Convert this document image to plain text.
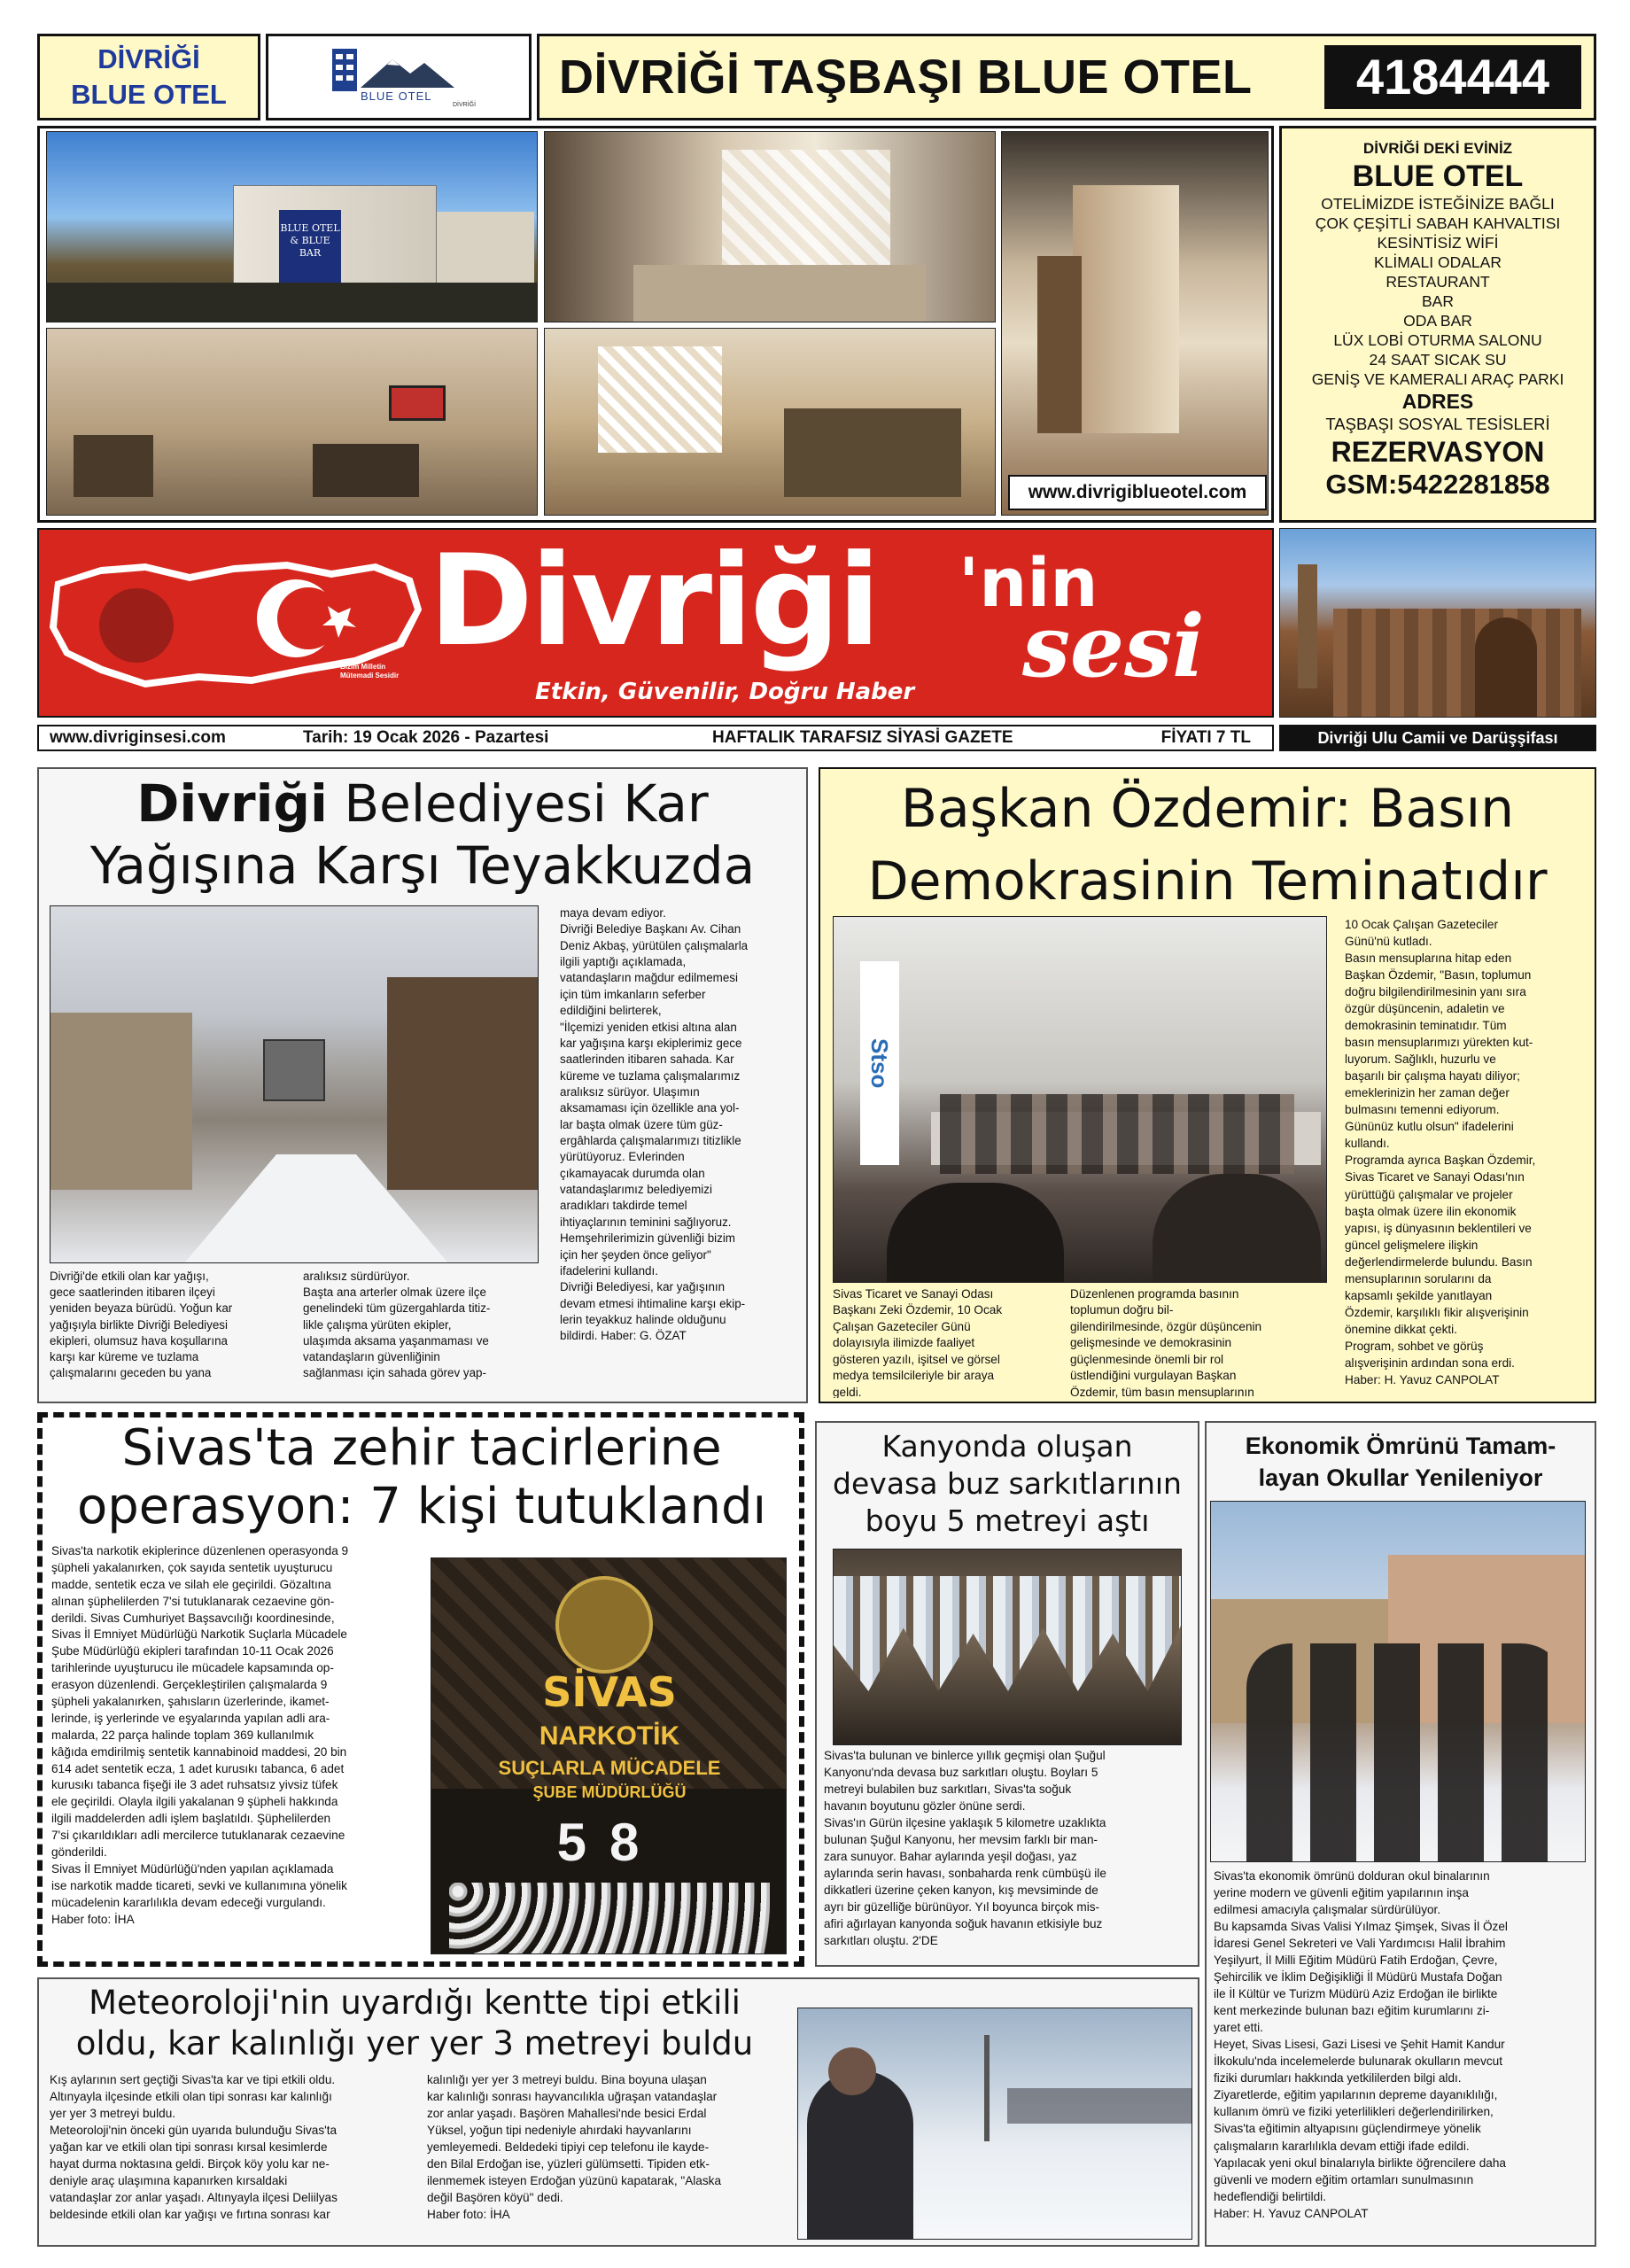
DİVRİĞİ
BLUE OTEL	BLUE OTEL
DİVRİĞİ
DİVRİĞİ TAŞBAŞI BLUE OTEL	4184444
BLUE OTEL & BLUE BAR
www.divrigiblueotel.com
DİVRİĞİ DEKİ EVİNİZ
BLUE OTEL
OTELİMİZDE İSTEĞİNİZE BAĞLI
ÇOK ÇEŞİTLİ SABAH KAHVALTISI
KESİNTİSİZ WİFİ
KLİMALI ODALAR
RESTAURANT
BAR
ODA BAR
LÜX LOBİ OTURMA SALONU
24 SAAT SICAK SU
GENİŞ VE KAMERALI ARAÇ PARKI
ADRES
TAŞBAŞI SOSYAL TESİSLERİ
REZERVASYON
GSM:5422281858
Bizim Milletin Mütemadi Sesidir
Divriği 'nin
sesi
Etkin, Güvenilir, Doğru Haber
www.divriginsesi.com	Tarih: 19 Ocak 2026 - Pazartesi	HAFTALIK TARAFSIZ SİYASİ GAZETE	FİYATI 7 TL	Divriği Ulu Camii ve Darüşşifası
Divriği Belediyesi Kar
Yağışına Karşı Teyakkuzda
Divriği'de etkili olan kar yağışı,
gece saatlerinden itibaren ilçeyi
yeniden beyaza bürüdü. Yoğun kar
yağışıyla birlikte Divriği Belediyesi
ekipleri, olumsuz hava koşullarına
karşı kar küreme ve tuzlama
çalışmalarını geceden bu yana
aralıksız sürdürüyor.
Başta ana arterler olmak üzere ilçe
genelindeki tüm güzergahlarda titiz-
likle çalışma yürüten ekipler,
ulaşımda aksama yaşanmaması ve
vatandaşların güvenliğinin
sağlanması için sahada görev yap-
maya devam ediyor.
Divriği Belediye Başkanı Av. Cihan
Deniz Akbaş, yürütülen çalışmalarla
ilgili yaptığı açıklamada,
vatandaşların mağdur edilmemesi
için tüm imkanların seferber
edildiğini belirterek,
"İlçemizi yeniden etkisi altına alan
kar yağışına karşı ekiplerimiz gece
saatlerinden itibaren sahada. Kar
küreme ve tuzlama çalışmalarımız
aralıksız sürüyor. Ulaşımın
aksamaması için özellikle ana yol-
lar başta olmak üzere tüm güz-
ergâhlarda çalışmalarımızı titizlikle
yürütüyoruz. Evlerinden
çıkamayacak durumda olan
vatandaşlarımız belediyemizi
aradıkları takdirde temel
ihtiyaçlarının teminini sağlıyoruz.
Hemşehrilerimizin güvenliği bizim
için her şeyden önce geliyor"
ifadelerini kullandı.
Divriği Belediyesi, kar yağışının
devam etmesi ihtimaline karşı ekip-
lerin teyakkuz halinde olduğunu
bildirdi. Haber: G. ÖZAT
Başkan Özdemir: Basın
Demokrasinin Teminatıdır
Stso
Sivas Ticaret ve Sanayi Odası
Başkanı Zeki Özdemir, 10 Ocak
Çalışan Gazeteciler Günü
dolayısıyla ilimizde faaliyet
gösteren yazılı, işitsel ve görsel
medya temsilcileriyle bir araya
geldi.
Düzenlenen programda basının
toplumun doğru bil-
gilendirilmesinde, özgür düşüncenin
gelişmesinde ve demokrasinin
güçlenmesinde önemli bir rol
üstlendiğini vurgulayan Başkan
Özdemir, tüm basın mensuplarının
10 Ocak Çalışan Gazeteciler
Günü'nü kutladı.
Basın mensuplarına hitap eden
Başkan Özdemir, "Basın, toplumun
doğru bilgilendirilmesinin yanı sıra
özgür düşüncenin, adaletin ve
demokrasinin teminatıdır. Tüm
basın mensuplarımızı yürekten kut-
luyorum. Sağlıklı, huzurlu ve
başarılı bir çalışma hayatı diliyor;
emeklerinizin her zaman değer
bulmasını temenni ediyorum.
Gününüz kutlu olsun" ifadelerini
kullandı.
Programda ayrıca Başkan Özdemir,
Sivas Ticaret ve Sanayi Odası'nın
yürüttüğü çalışmalar ve projeler
başta olmak üzere ilin ekonomik
yapısı, iş dünyasının beklentileri ve
güncel gelişmelere ilişkin
değerlendirmelerde bulundu. Basın
mensuplarının sorularını da
kapsamlı şekilde yanıtlayan
Özdemir, karşılıklı fikir alışverişinin
önemine dikkat çekti.
Program, sohbet ve görüş
alışverişinin ardından sona erdi.
Haber: H. Yavuz CANPOLAT
Sivas'ta zehir tacirlerine
operasyon: 7 kişi tutuklandı
Sivas'ta narkotik ekiplerince düzenlenen operasyonda 9
şüpheli yakalanırken, çok sayıda sentetik uyuşturucu
madde, sentetik ecza ve silah ele geçirildi. Gözaltına
alınan şüphelilerden 7'si tutuklanarak cezaevine gön-
derildi. Sivas Cumhuriyet Başsavcılığı koordinesinde,
Sivas İl Emniyet Müdürlüğü Narkotik Suçlarla Mücadele
Şube Müdürlüğü ekipleri tarafından 10-11 Ocak 2026
tarihlerinde uyuşturucu ile mücadele kapsamında op-
erasyon düzenlendi. Gerçekleştirilen çalışmalarda 9
şüpheli yakalanırken, şahısların üzerlerinde, ikamet-
lerinde, iş yerlerinde ve eşyalarında yapılan adli ara-
malarda, 22 parça halinde toplam 369 kullanılmık
kâğıda emdirilmiş sentetik kannabinoid maddesi, 20 bin
614 adet sentetik ecza, 1 adet kurusıkı tabanca, 6 adet
kurusıkı tabanca fişeği ile 3 adet ruhsatsız yivsiz tüfek
ele geçirildi. Olayla ilgili yakalanan 9 şüpheli hakkında
ilgili maddelerden adli işlem başlatıldı. Şüphelilerden
7'si çıkarıldıkları adli mercilerce tutuklanarak cezaevine
gönderildi.
Sivas İl Emniyet Müdürlüğü'nden yapılan açıklamada
ise narkotik madde ticareti, sevki ve kullanımına yönelik
mücadelenin kararlılıkla devam edeceği vurgulandı.
Haber foto: İHA
SİVAS
NARKOTİK
SUÇLARLA MÜCADELE
ŞUBE MÜDÜRLÜĞÜ
58
Kanyonda oluşan
devasa buz sarkıtlarının
boyu 5 metreyi aştı
Sivas'ta bulunan ve binlerce yıllık geçmişi olan Şuğul
Kanyonu'nda devasa buz sarkıtları oluştu. Boyları 5
metreyi bulabilen buz sarkıtları, Sivas'ta soğuk
havanın boyutunu gözler önüne serdi.
Sivas'ın Gürün ilçesine yaklaşık 5 kilometre uzaklıkta
bulunan Şuğul Kanyonu, her mevsim farklı bir man-
zara sunuyor. Bahar aylarında yeşil doğası, yaz
aylarında serin havası, sonbaharda renk cümbüşü ile
dikkatleri üzerine çeken kanyon, kış mevsiminde de
ayrı bir güzelliğe bürünüyor. Yıl boyunca birçok mis-
afiri ağırlayan kanyonda soğuk havanın etkisiyle buz
sarkıtları oluştu. 2'DE
Ekonomik Ömrünü Tamam-
layan Okullar Yenileniyor
Sivas'ta ekonomik ömrünü dolduran okul binalarının
yerine modern ve güvenli eğitim yapılarının inşa
edilmesi amacıyla çalışmalar sürdürülüyor.
Bu kapsamda Sivas Valisi Yılmaz Şimşek, Sivas İl Özel
İdaresi Genel Sekreteri ve Vali Yardımcısı Halil İbrahim
Yeşilyurt, İl Milli Eğitim Müdürü Fatih Erdoğan, Çevre,
Şehircilik ve İklim Değişikliği İl Müdürü Mustafa Doğan
ile İl Kültür ve Turizm Müdürü Aziz Erdoğan ile birlikte
kent merkezinde bulunan bazı eğitim kurumlarını zi-
yaret etti.
Heyet, Sivas Lisesi, Gazi Lisesi ve Şehit Hamit Kandur
İlkokulu'nda incelemelerde bulunarak okulların mevcut
fiziki durumları hakkında yetkililerden bilgi aldı.
Ziyaretlerde, eğitim yapılarının depreme dayanıklılığı,
kullanım ömrü ve fiziki yeterlilikleri değerlendirilirken,
Sivas'ta eğitimin altyapısını güçlendirmeye yönelik
çalışmaların kararlılıkla devam ettiği ifade edildi.
Yapılacak yeni okul binalarıyla birlikte öğrencilere daha
güvenli ve modern eğitim ortamları sunulmasının
hedeflendiği belirtildi.
Haber: H. Yavuz CANPOLAT
Meteoroloji'nin uyardığı kentte tipi etkili
oldu, kar kalınlığı yer yer 3 metreyi buldu
Kış aylarının sert geçtiği Sivas'ta kar ve tipi etkili oldu.
Altınyayla ilçesinde etkili olan tipi sonrası kar kalınlığı
yer yer 3 metreyi buldu.
Meteoroloji'nin önceki gün uyarıda bulunduğu Sivas'ta
yağan kar ve etkili olan tipi sonrası kırsal kesimlerde
hayat durma noktasına geldi. Birçok köy yolu kar ne-
deniyle araç ulaşımına kapanırken kırsaldaki
vatandaşlar zor anlar yaşadı. Altınyayla ilçesi Deliilyas
beldesinde etkili olan kar yağışı ve fırtına sonrası kar
kalınlığı yer yer 3 metreyi buldu. Bina boyuna ulaşan
kar kalınlığı sonrası hayvancılıkla uğraşan vatandaşlar
zor anlar yaşadı. Başören Mahallesi'nde besici Erdal
Yüksel, yoğun tipi nedeniyle ahırdaki hayvanlarını
yemleyemedi. Beldedeki tipiyi cep telefonu ile kayde-
den Bilal Erdoğan ise, yüzleri gülümsetti. Tipiden etk-
ilenmemek isteyen Erdoğan yüzünü kapatarak, "Alaska
değil Başören köyü" dedi.
Haber foto: İHA
